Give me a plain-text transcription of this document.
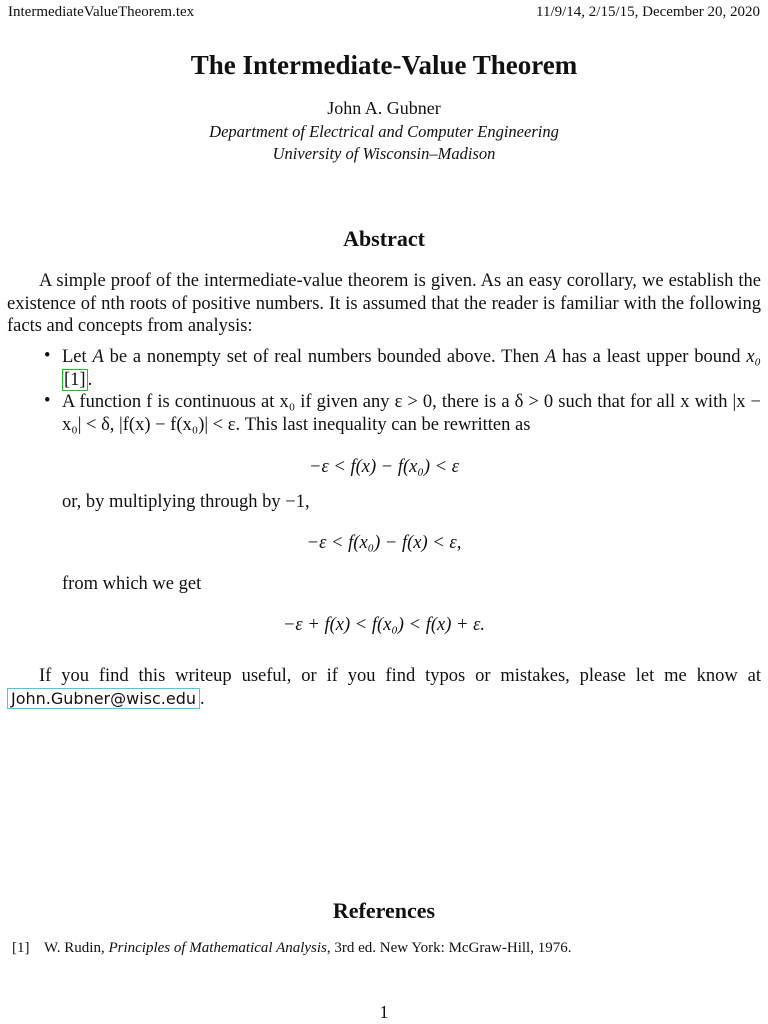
IntermediateValueTheorem.tex	11/9/14, 2/15/15, December 20, 2020
The Intermediate-Value Theorem
John A. Gubner
Department of Electrical and Computer Engineering
University of Wisconsin–Madison
Abstract
A simple proof of the intermediate-value theorem is given. As an easy corollary, we establish the existence of nth roots of positive numbers. It is assumed that the reader is familiar with the following facts and concepts from analysis:
• Let A be a nonempty set of real numbers bounded above. Then A has a least upper bound x₀ [1] .
• A function f is continuous at x₀ if given any ε > 0, there is a δ > 0 such that for all x with |x − x₀| < δ, |f(x) − f(x₀)| < ε. This last inequality can be rewritten as
−ε < f(x) − f(x₀) < ε
or, by multiplying through by −1,
−ε < f(x₀) − f(x) < ε,
from which we get
−ε + f(x) < f(x₀) < f(x) + ε.
If you find this writeup useful, or if you find typos or mistakes, please let me know at John.Gubner@wisc.edu .
References
[1] W. Rudin, Principles of Mathematical Analysis, 3rd ed. New York: McGraw-Hill, 1976.
1
